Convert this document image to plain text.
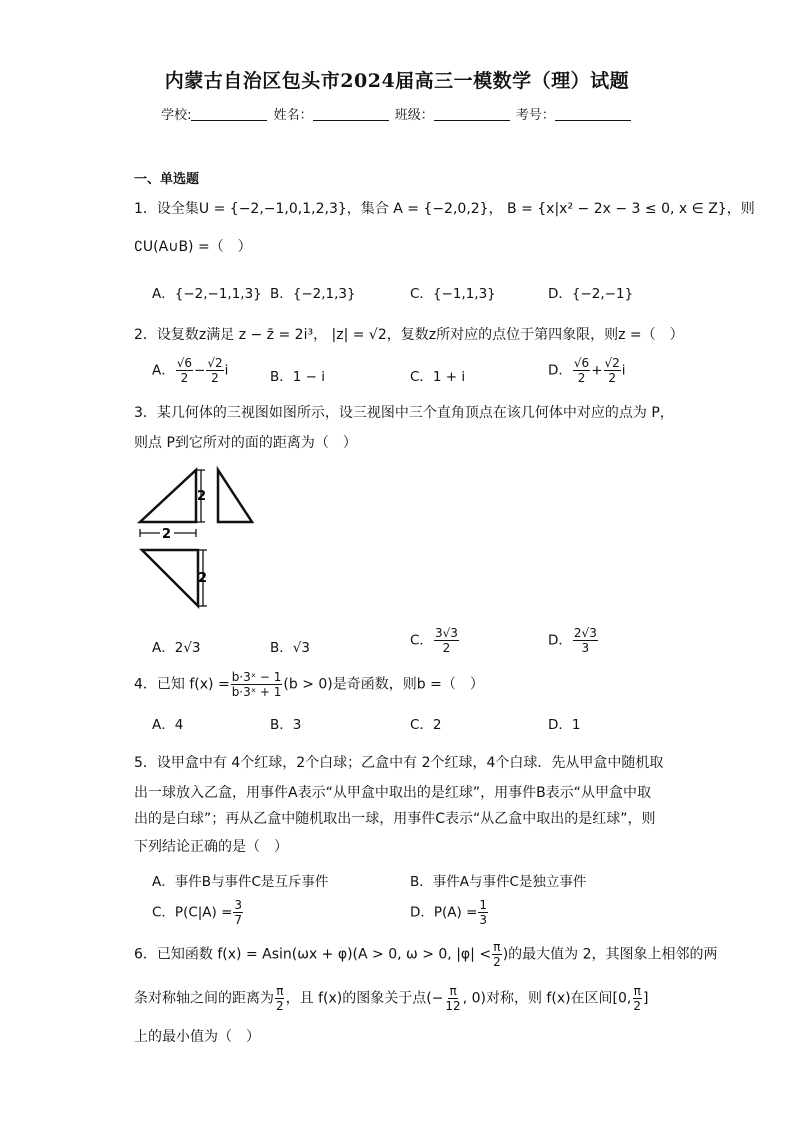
内蒙古自治区包头市2024届高三一模数学（理）试题
学校:	姓名：	班级：	考号：
一、单选题
1．设全集U = {−2,−1,0,1,2,3}，集合 A = {−2,0,2}， B = {x|x² − 2x − 3 ≤ 0, x ∈ Z}，则
∁U(A∪B) =（　）
A．{−2,−1,1,3} B．{−2,1,3}	C．{−1,1,3}	D．{−2,−1}
2．设复数z满足 z − z̄ = 2i³， |z| = √2，复数z所对应的点位于第四象限，则z =（　）
A． $\frac{√6}{2} - \frac{√2}{2}$ i	B．1 − i	C．1 + i	D． $\frac{√6}{2} + \frac{√2}{2}$ i
3．某几何体的三视图如图所示，设三视图中三个直角顶点在该几何体中对应的点为 P，
则点 P到它所对的面的距离为（　）
2
2
2
A．2√3	B．√3	C． $\frac{3√3}{2}$	D． $\frac{2√3}{3}$
4．已知 $f(x) = \frac{\text{b·3ˣ − 1}}{\text{b·3ˣ + 1}} (b > 0)$是奇函数，则b =（　）
A．4	B．3	C．2	D．1
5．设甲盒中有 4个红球，2个白球；乙盒中有 2个红球，4个白球．先从甲盒中随机取
出一球放入乙盒，用事件A表示“从甲盒中取出的是红球”，用事件B表示“从甲盒中取
出的是白球”；再从乙盒中随机取出一球，用事件C表示“从乙盒中取出的是红球”，则
下列结论正确的是（　）
A．事件B与事件C是互斥事件	B．事件A与事件C是独立事件
C．$P(C|A) = \frac{3}{7}$	D．$P(A) = \frac{1}{3}$
6．已知函数 f(x) = Asin(ωx + φ)(A > 0, ω > 0, $|\varphi| < \frac{\pi}{2}$ )的最大值为 2，其图象上相邻的两
条对称轴之间的距离为 $\frac{\pi}{2}$ ，且 f(x)的图象关于点(− $\frac{\pi}{12}$ , 0)对称，则 f(x)在区间[0, $\frac{\pi}{2}$ ]
上的最小值为（　）
